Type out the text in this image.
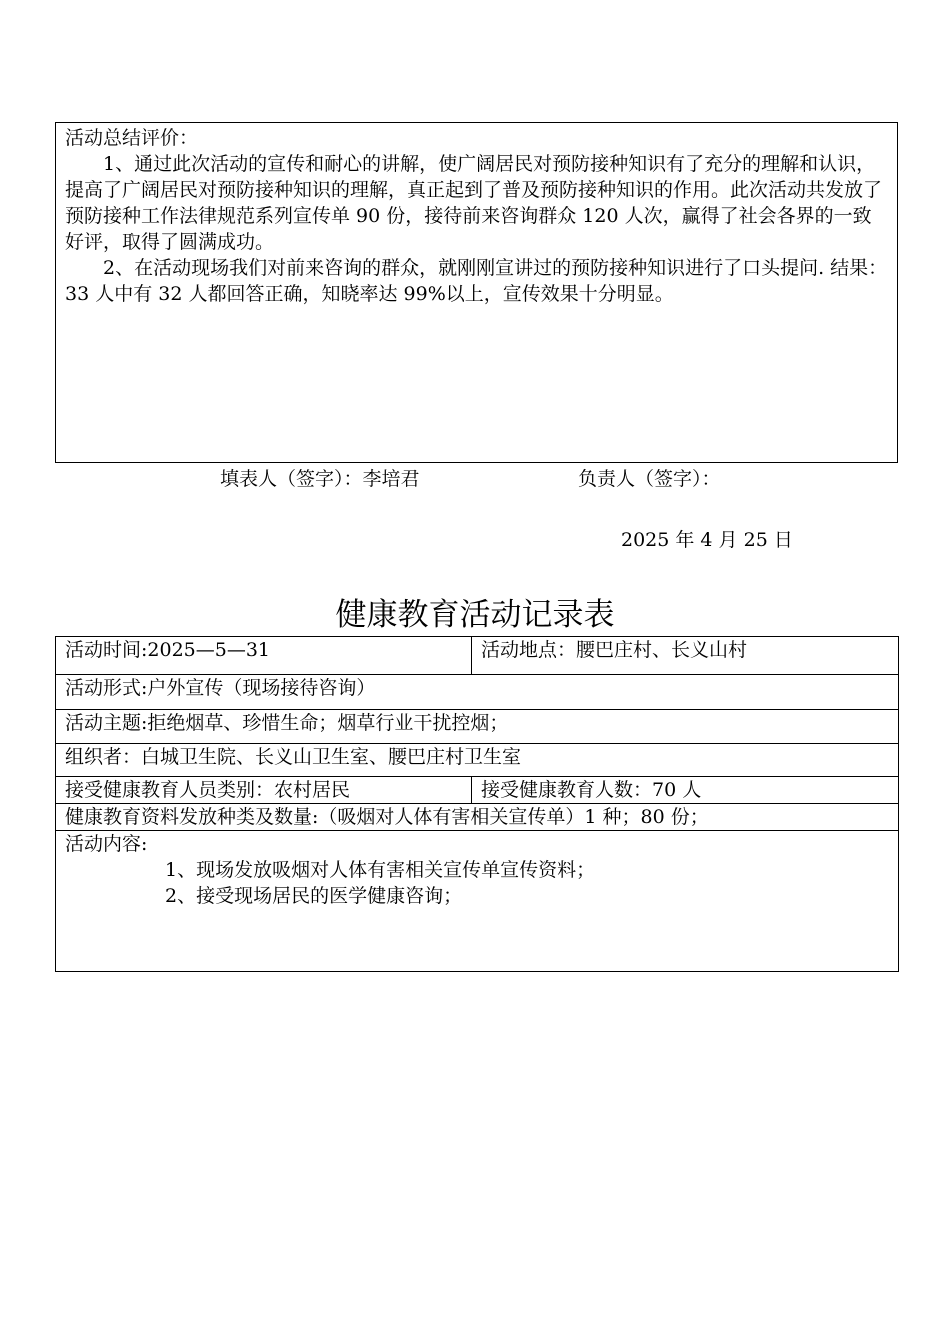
活动总结评价：

1、通过此次活动的宣传和耐心的讲解，使广阔居民对预防接种知识有了充分的理解和认识，提高了广阔居民对预防接种知识的理解，真正起到了普及预防接种知识的作用。此次活动共发放了预防接种工作法律规范系列宣传单 90 份，接待前来咨询群众 120 人次，赢得了社会各界的一致好评，取得了圆满成功。

2、在活动现场我们对前来咨询的群众，就刚刚宣讲过的预防接种知识进行了口头提问. 结果：33 人中有 32 人都回答正确，知晓率达 99%以上，宣传效果十分明显。

填表人（签字）：李培君	负责人（签字）：
2025 年 4 月 25 日
健康教育活动记录表
活动时间:2025—5—31	活动地点：腰巴庄村、长义山村
活动形式:户外宣传（现场接待咨询）	
活动主题:拒绝烟草、珍惜生命；烟草行业干扰控烟；	
组织者：白城卫生院、长义山卫生室、腰巴庄村卫生室	
接受健康教育人员类别：农村居民	接受健康教育人数：70 人
健康教育资料发放种类及数量:（吸烟对人体有害相关宣传单）1 种；80 份；	

活动内容:
1、现场发放吸烟对人体有害相关宣传单宣传资料；
2、接受现场居民的医学健康咨询；	
